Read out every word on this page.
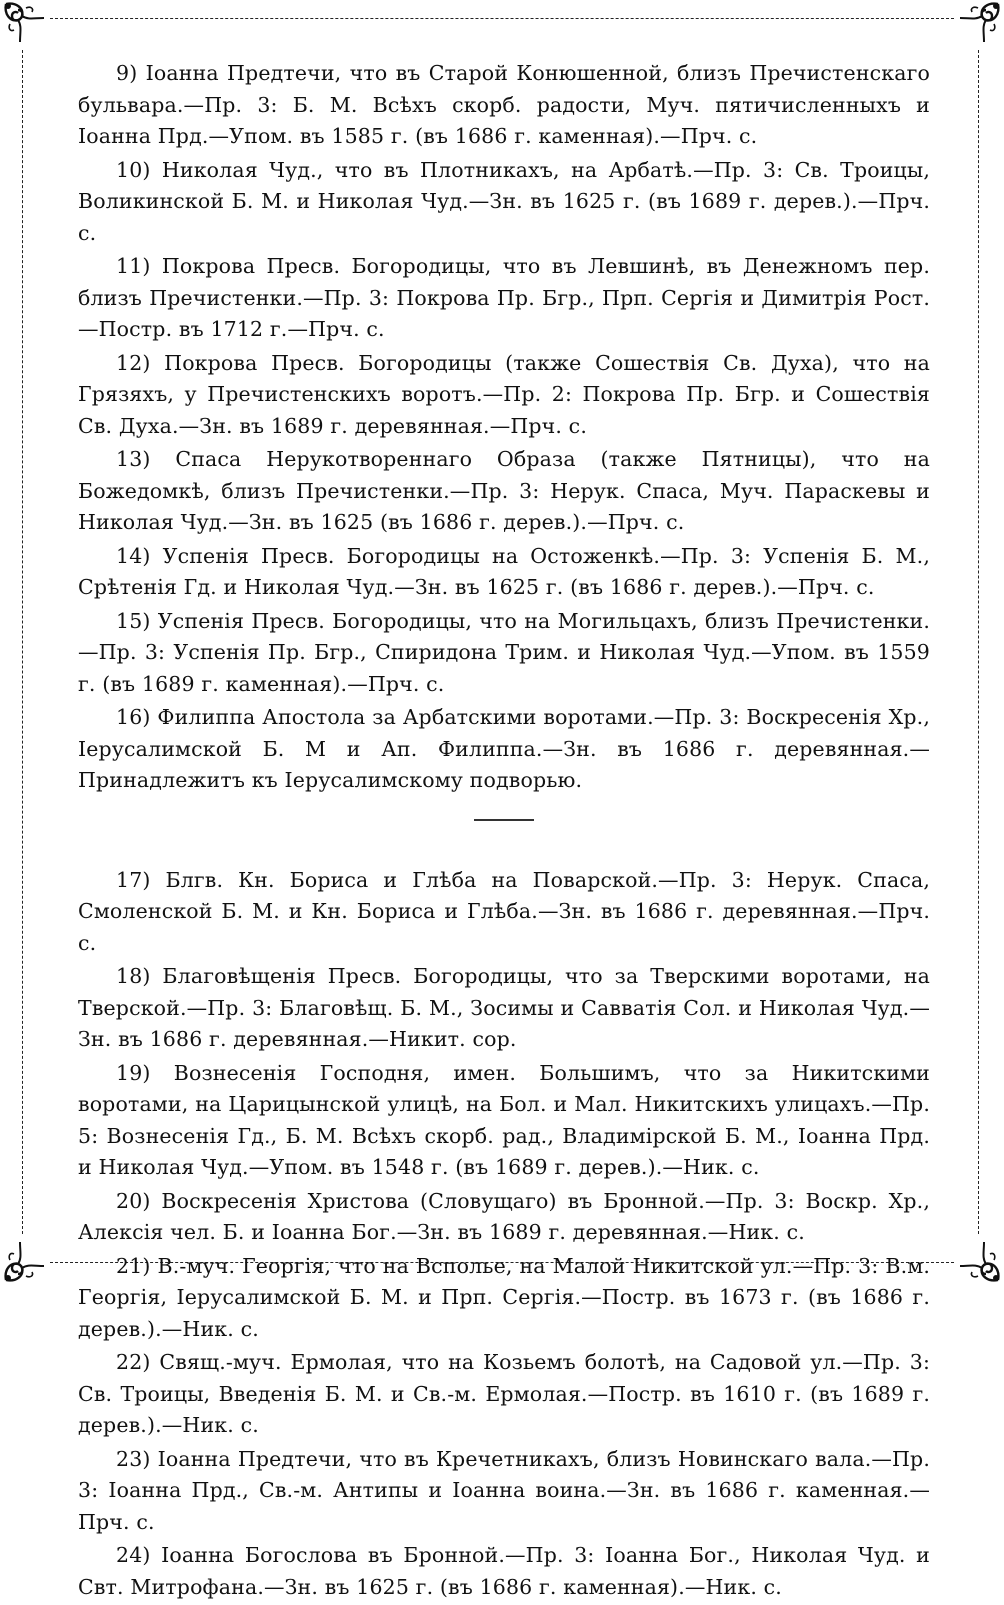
9) Іоанна Предтечи, что въ Старой Конюшенной, близъ Пречистенскаго бульвара.—Пр. 3: Б. М. Всѣхъ скорб. радости, Муч. пятичисленныхъ и Іоанна Прд.—Упом. въ 1585 г. (въ 1686 г. каменная).—Прч. с.

10) Николая Чуд., что въ Плотникахъ, на Арбатѣ.—Пр. 3: Св. Троицы, Воликинской Б. М. и Николая Чуд.—Зн. въ 1625 г. (въ 1689 г. дерев.).—Прч. с.

11) Покрова Пресв. Богородицы, что въ Левшинѣ, въ Денежномъ пер. близъ Пречистенки.—Пр. 3: Покрова Пр. Бгр., Прп. Сергія и Димитрія Рост.—Постр. въ 1712 г.—Прч. с.

12) Покрова Пресв. Богородицы (также Сошествія Св. Духа), что на Грязяхъ, у Пречистенскихъ воротъ.—Пр. 2: Покрова Пр. Бгр. и Сошествія Св. Духа.—Зн. въ 1689 г. деревянная.—Прч. с.

13) Спаса Нерукотвореннаго Образа (также Пятницы), что на Божедомкѣ, близъ Пречистенки.—Пр. 3: Нерук. Спаса, Муч. Параскевы и Николая Чуд.—Зн. въ 1625 (въ 1686 г. дерев.).—Прч. с.

14) Успенія Пресв. Богородицы на Остоженкѣ.—Пр. 3: Успенія Б. М., Срѣтенія Гд. и Николая Чуд.—Зн. въ 1625 г. (въ 1686 г. дерев.).—Прч. с.

15) Успенія Пресв. Богородицы, что на Могильцахъ, близъ Пречистенки.—Пр. 3: Успенія Пр. Бгр., Спиридона Трим. и Николая Чуд.—Упом. въ 1559 г. (въ 1689 г. каменная).—Прч. с.

16) Филиппа Апостола за Арбатскими воротами.—Пр. 3: Воскресенія Хр., Іерусалимской Б. М и Ап. Филиппа.—Зн. въ 1686 г. деревянная.—Принадлежитъ къ Іерусалимскому подворью.

17) Блгв. Кн. Бориса и Глѣба на Поварской.—Пр. 3: Нерук. Спаса, Смоленской Б. М. и Кн. Бориса и Глѣба.—Зн. въ 1686 г. деревянная.—Прч. с.

18) Благовѣщенія Пресв. Богородицы, что за Тверскими воротами, на Тверской.—Пр. 3: Благовѣщ. Б. М., Зосимы и Савватія Сол. и Николая Чуд.—Зн. въ 1686 г. деревянная.—Никит. сор.

19) Вознесенія Господня, имен. Большимъ, что за Никитскими воротами, на Царицынской улицѣ, на Бол. и Мал. Никитскихъ улицахъ.—Пр. 5: Вознесенія Гд., Б. М. Всѣхъ скорб. рад., Владимірской Б. М., Іоанна Прд. и Николая Чуд.—Упом. въ 1548 г. (въ 1689 г. дерев.).—Ник. с.

20) Воскресенія Христова (Словущаго) въ Бронной.—Пр. 3: Воскр. Хр., Алексія чел. Б. и Іоанна Бог.—Зн. въ 1689 г. деревянная.—Ник. с.

21) В.-муч. Георгія, что на Всполье, на Малой Никитской ул.—Пр. 3: В.м. Георгія, Іерусалимской Б. М. и Прп. Сергія.—Постр. въ 1673 г. (въ 1686 г. дерев.).—Ник. с.

22) Свящ.-муч. Ермолая, что на Козьемъ болотѣ, на Садовой ул.—Пр. 3: Св. Троицы, Введенія Б. М. и Св.-м. Ермолая.—Постр. въ 1610 г. (въ 1689 г. дерев.).—Ник. с.

23) Іоанна Предтечи, что въ Кречетникахъ, близъ Новинскаго вала.—Пр. 3: Іоанна Прд., Св.-м. Антипы и Іоанна воина.—Зн. въ 1686 г. каменная.—Прч. с.

24) Іоанна Богослова въ Бронной.—Пр. 3: Іоанна Бог., Николая Чуд. и Свт. Митрофана.—Зн. въ 1625 г. (въ 1686 г. каменная).—Ник. с.
